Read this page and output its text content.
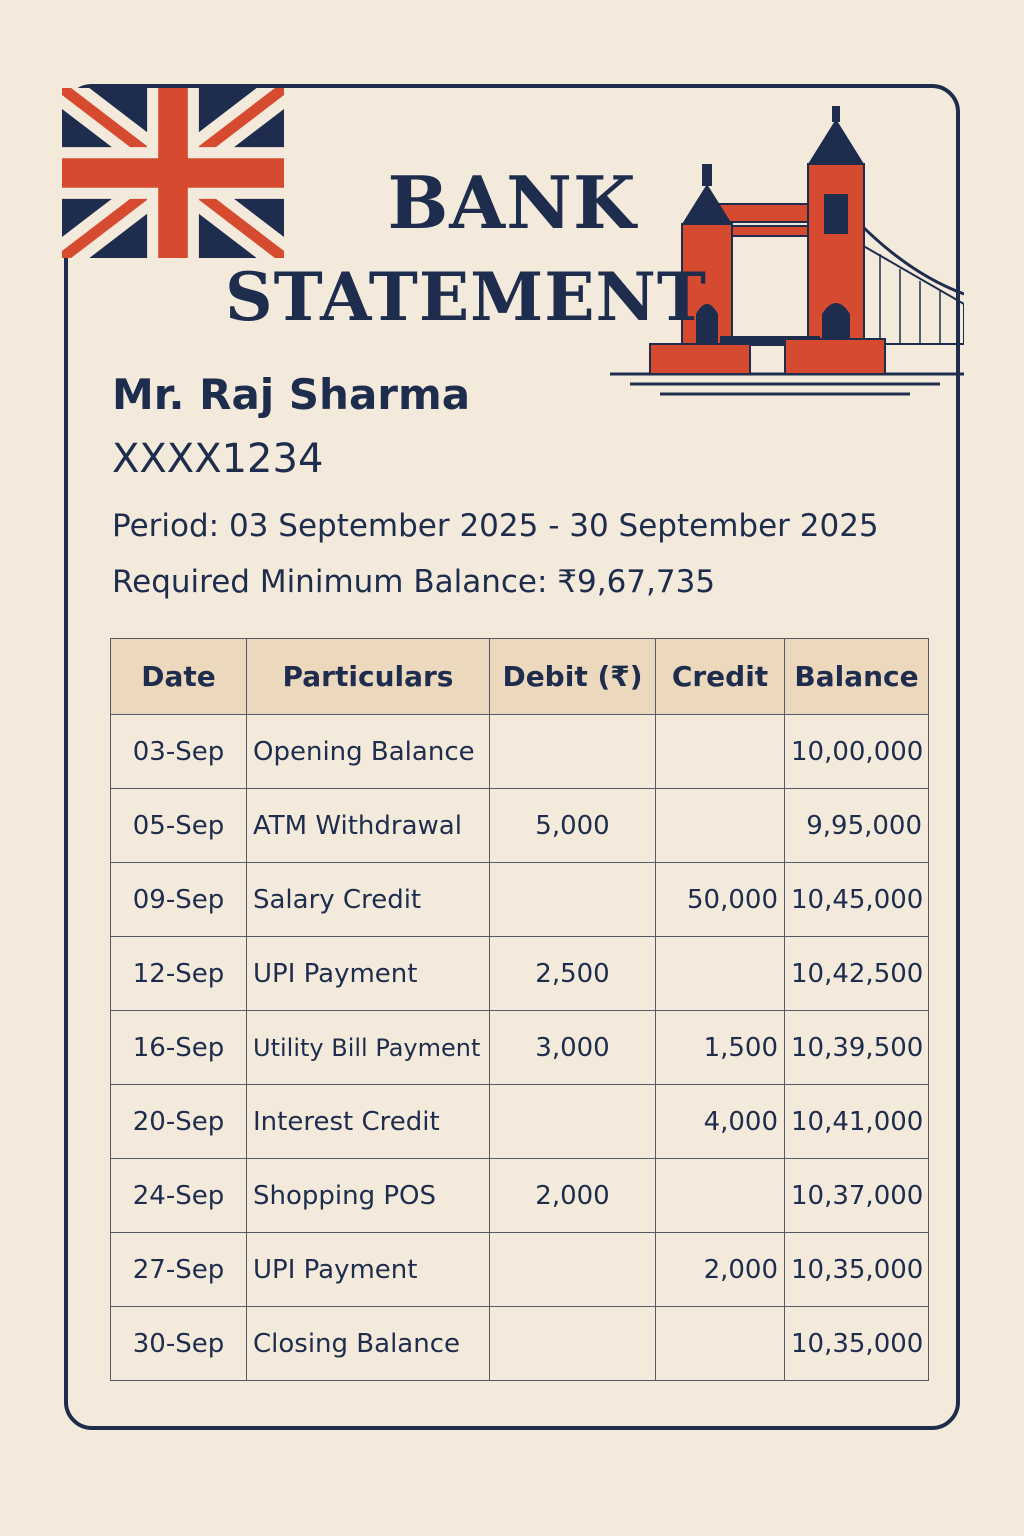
BANK
STATEMENT

Mr. Raj Sharma

XXXX1234

Period: 03 September 2025 - 30 September 2025

Required Minimum Balance: ₹9,67,735

Date	Particulars	Debit (₹)	Credit	Balance
03-Sep	Opening Balance			10,00,000
05-Sep	ATM Withdrawal	5,000		9,95,000
09-Sep	Salary Credit		50,000	10,45,000
12-Sep	UPI Payment	2,500		10,42,500
16-Sep	Utility Bill Payment	3,000	1,500	10,39,500
20-Sep	Interest Credit		4,000	10,41,000
24-Sep	Shopping POS	2,000		10,37,000
27-Sep	UPI Payment		2,000	10,35,000
30-Sep	Closing Balance			10,35,000
